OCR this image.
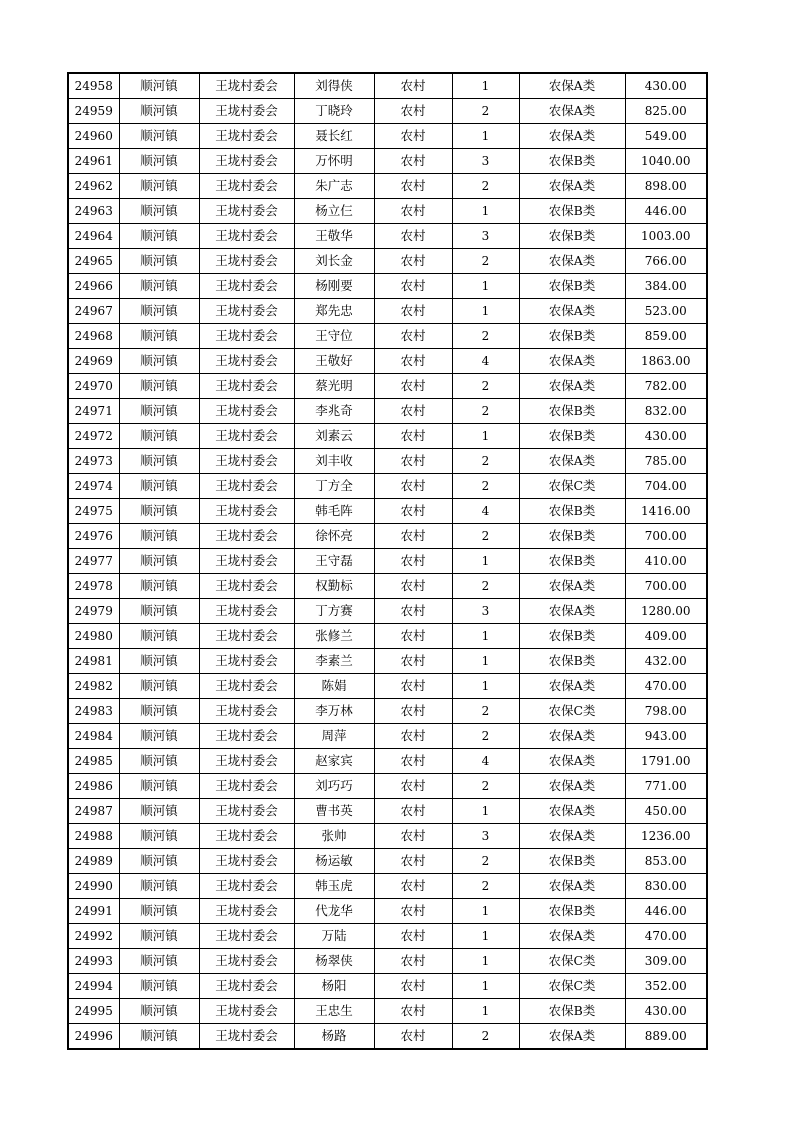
24958	顺河镇	王垅村委会	刘得侠	农村	1	农保A类	430.00
24959	顺河镇	王垅村委会	丁晓玲	农村	2	农保A类	825.00
24960	顺河镇	王垅村委会	聂长红	农村	1	农保A类	549.00
24961	顺河镇	王垅村委会	万怀明	农村	3	农保B类	1040.00
24962	顺河镇	王垅村委会	朱广志	农村	2	农保A类	898.00
24963	顺河镇	王垅村委会	杨立仨	农村	1	农保B类	446.00
24964	顺河镇	王垅村委会	王敬华	农村	3	农保B类	1003.00
24965	顺河镇	王垅村委会	刘长金	农村	2	农保A类	766.00
24966	顺河镇	王垅村委会	杨刚要	农村	1	农保B类	384.00
24967	顺河镇	王垅村委会	郑先忠	农村	1	农保A类	523.00
24968	顺河镇	王垅村委会	王守位	农村	2	农保B类	859.00
24969	顺河镇	王垅村委会	王敬好	农村	4	农保A类	1863.00
24970	顺河镇	王垅村委会	蔡光明	农村	2	农保A类	782.00
24971	顺河镇	王垅村委会	李兆奇	农村	2	农保B类	832.00
24972	顺河镇	王垅村委会	刘素云	农村	1	农保B类	430.00
24973	顺河镇	王垅村委会	刘丰收	农村	2	农保A类	785.00
24974	顺河镇	王垅村委会	丁方全	农村	2	农保C类	704.00
24975	顺河镇	王垅村委会	韩毛阵	农村	4	农保B类	1416.00
24976	顺河镇	王垅村委会	徐怀亮	农村	2	农保B类	700.00
24977	顺河镇	王垅村委会	王守磊	农村	1	农保B类	410.00
24978	顺河镇	王垅村委会	权勤标	农村	2	农保A类	700.00
24979	顺河镇	王垅村委会	丁方赛	农村	3	农保A类	1280.00
24980	顺河镇	王垅村委会	张修兰	农村	1	农保B类	409.00
24981	顺河镇	王垅村委会	李素兰	农村	1	农保B类	432.00
24982	顺河镇	王垅村委会	陈娟	农村	1	农保A类	470.00
24983	顺河镇	王垅村委会	李万林	农村	2	农保C类	798.00
24984	顺河镇	王垅村委会	周萍	农村	2	农保A类	943.00
24985	顺河镇	王垅村委会	赵家宾	农村	4	农保A类	1791.00
24986	顺河镇	王垅村委会	刘巧巧	农村	2	农保A类	771.00
24987	顺河镇	王垅村委会	曹书英	农村	1	农保A类	450.00
24988	顺河镇	王垅村委会	张帅	农村	3	农保A类	1236.00
24989	顺河镇	王垅村委会	杨运敏	农村	2	农保B类	853.00
24990	顺河镇	王垅村委会	韩玉虎	农村	2	农保A类	830.00
24991	顺河镇	王垅村委会	代龙华	农村	1	农保B类	446.00
24992	顺河镇	王垅村委会	万陆	农村	1	农保A类	470.00
24993	顺河镇	王垅村委会	杨翠侠	农村	1	农保C类	309.00
24994	顺河镇	王垅村委会	杨阳	农村	1	农保C类	352.00
24995	顺河镇	王垅村委会	王忠生	农村	1	农保B类	430.00
24996	顺河镇	王垅村委会	杨路	农村	2	农保A类	889.00
